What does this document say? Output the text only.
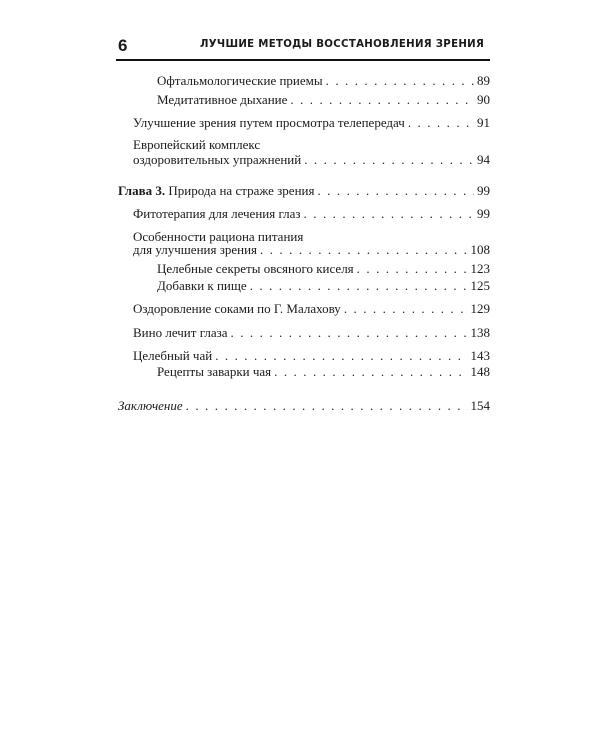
6	ЛУЧШИЕ МЕТОДЫ ВОССТАНОВЛЕНИЯ ЗРЕНИЯ
Офтальмологические приемы . . .	89
Медитативное дыхание . . .	90
Улучшение зрения путем просмотра телепередач . . .	91
Европейский комплекс
оздоровительных упражнений . . .	94
Глава 3. Природа на страже зрения . . .	99
Фитотерапия для лечения глаз . . .	99
Особенности рациона питания
для улучшения зрения . . .	108
Целебные секреты овсяного киселя . . .	123
Добавки к пище . . .	125
Оздоровление соками по Г. Малахову . . .	129
Вино лечит глаза . . .	138
Целебный чай . . .	143
Рецепты заварки чая . . .	148
Заключение . . .	154
